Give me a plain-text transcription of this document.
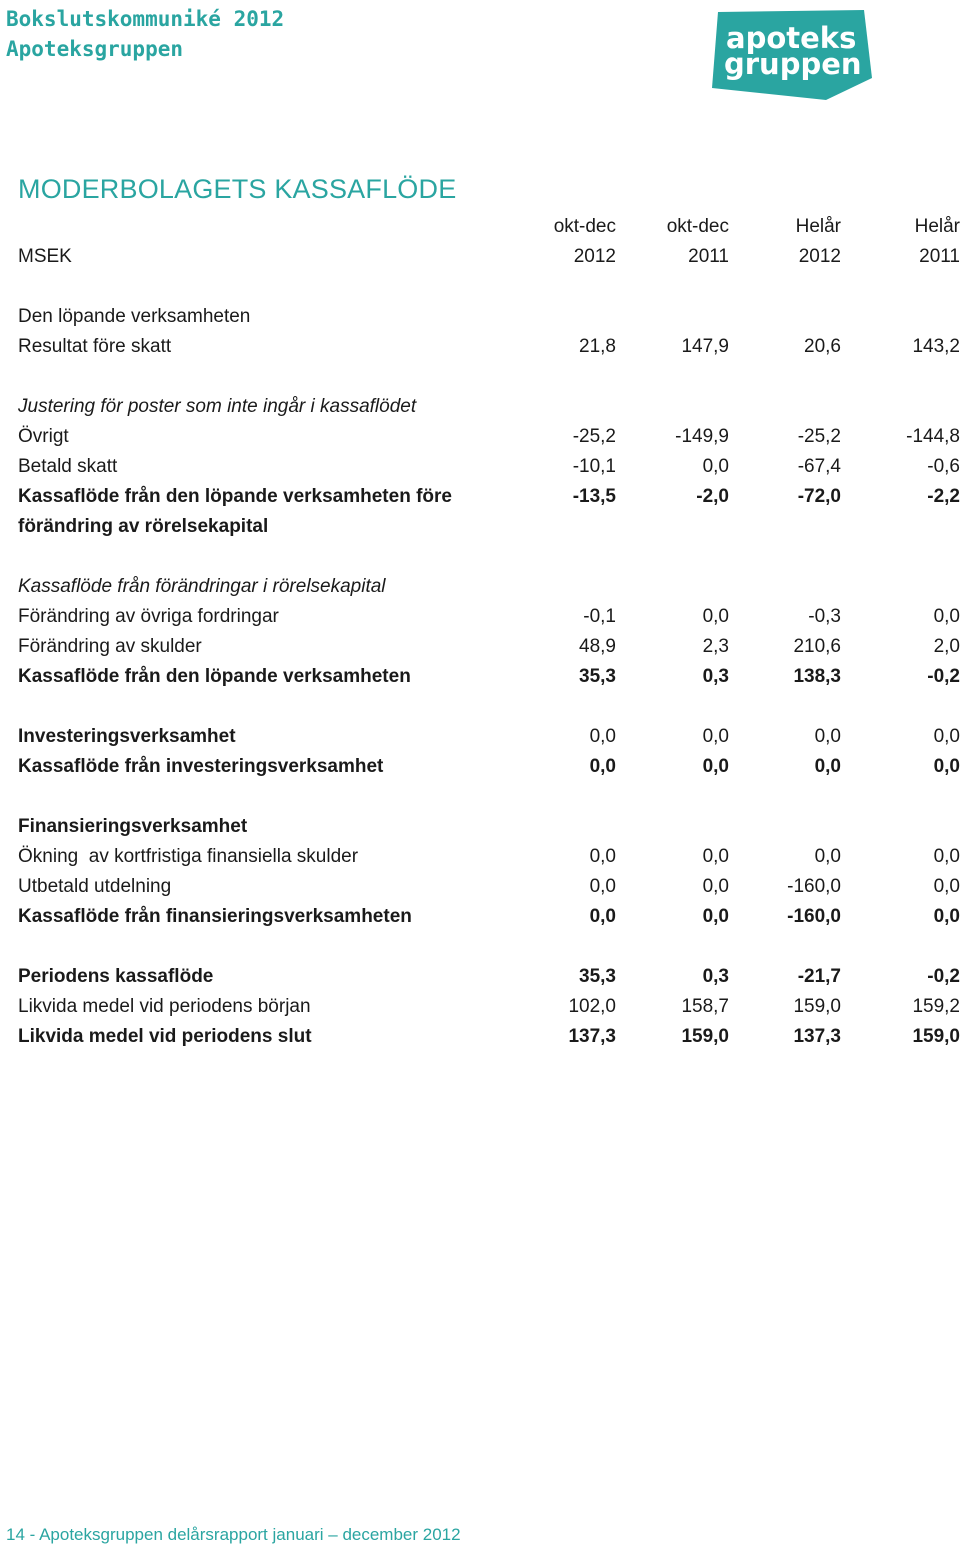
Bokslutskommuniké 2012
Apoteksgruppen	apoteks
gruppen
MODERBOLAGETS KASSAFLÖDE
okt-dec	okt-dec	Helår	Helår
MSEK	2012	2011	2012	2011
Den löpande verksamheten
Resultat före skatt	21,8	147,9	20,6	143,2
Justering för poster som inte ingår i kassaflödet
Övrigt	-25,2	-149,9	-25,2	-144,8
Betald skatt	-10,1	0,0	-67,4	-0,6
Kassaflöde från den löpande verksamheten före	-13,5	-2,0	-72,0	-2,2
förändring av rörelsekapital
Kassaflöde från förändringar i rörelsekapital
Förändring av övriga fordringar	-0,1	0,0	-0,3	0,0
Förändring av skulder	48,9	2,3	210,6	2,0
Kassaflöde från den löpande verksamheten	35,3	0,3	138,3	-0,2
Investeringsverksamhet	0,0	0,0	0,0	0,0
Kassaflöde från investeringsverksamhet	0,0	0,0	0,0	0,0
Finansieringsverksamhet
Ökning  av kortfristiga finansiella skulder	0,0	0,0	0,0	0,0
Utbetald utdelning	0,0	0,0	-160,0	0,0
Kassaflöde från finansieringsverksamheten	0,0	0,0	-160,0	0,0
Periodens kassaflöde	35,3	0,3	-21,7	-0,2
Likvida medel vid periodens början	102,0	158,7	159,0	159,2
Likvida medel vid periodens slut	137,3	159,0	137,3	159,0
14 - Apoteksgruppen delårsrapport januari – december 2012
